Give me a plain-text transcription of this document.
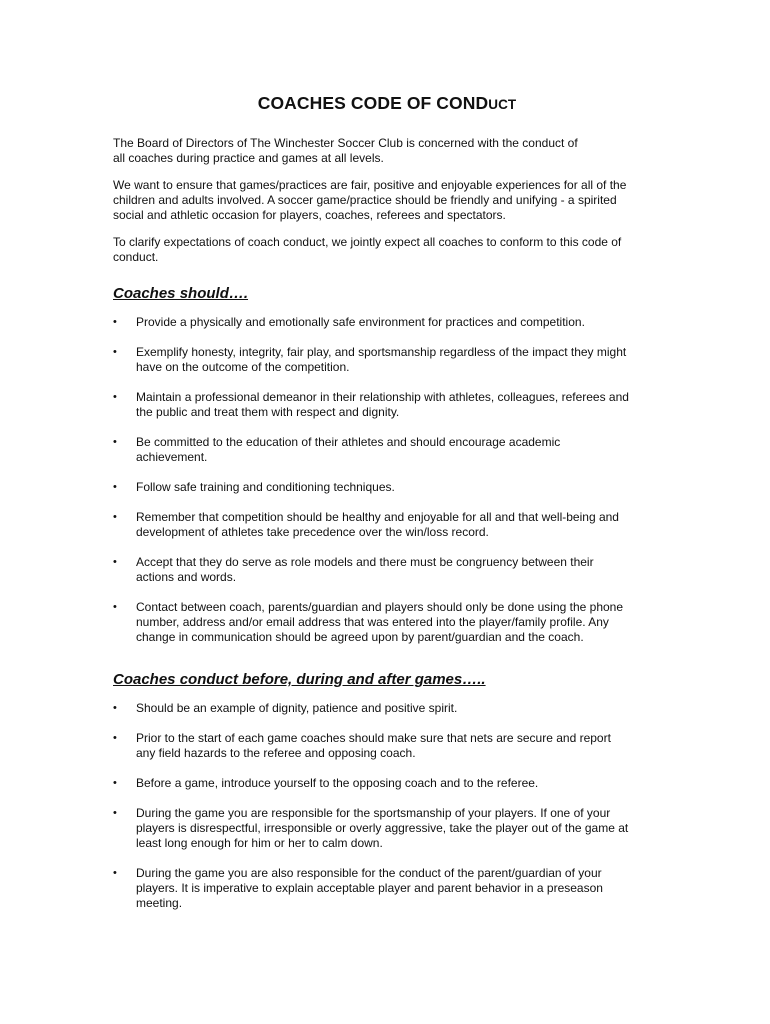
COACHES CODE OF CONDUCT

The Board of Directors of The Winchester Soccer Club is concerned with the conduct of
all coaches during practice and games at all levels.

We want to ensure that games/practices are fair, positive and enjoyable experiences for all of the
children and adults involved. A soccer game/practice should be friendly and unifying - a spirited
social and athletic occasion for players, coaches, referees and spectators.

To clarify expectations of coach conduct, we jointly expect all coaches to conform to this code of
conduct.

Coaches should….
• Provide a physically and emotionally safe environment for practices and competition.
• Exemplify honesty, integrity, fair play, and sportsmanship regardless of the impact they might
have on the outcome of the competition.
• Maintain a professional demeanor in their relationship with athletes, colleagues, referees and
the public and treat them with respect and dignity.
• Be committed to the education of their athletes and should encourage academic
achievement.
• Follow safe training and conditioning techniques.
• Remember that competition should be healthy and enjoyable for all and that well-being and
development of athletes take precedence over the win/loss record.
• Accept that they do serve as role models and there must be congruency between their
actions and words.
• Contact between coach, parents/guardian and players should only be done using the phone
number, address and/or email address that was entered into the player/family profile. Any
change in communication should be agreed upon by parent/guardian and the coach.
Coaches conduct before, during and after games…..
• Should be an example of dignity, patience and positive spirit.
• Prior to the start of each game coaches should make sure that nets are secure and report
any field hazards to the referee and opposing coach.
• Before a game, introduce yourself to the opposing coach and to the referee.
• During the game you are responsible for the sportsmanship of your players. If one of your
players is disrespectful, irresponsible or overly aggressive, take the player out of the game at
least long enough for him or her to calm down.
• During the game you are also responsible for the conduct of the parent/guardian of your
players. It is imperative to explain acceptable player and parent behavior in a preseason
meeting.
